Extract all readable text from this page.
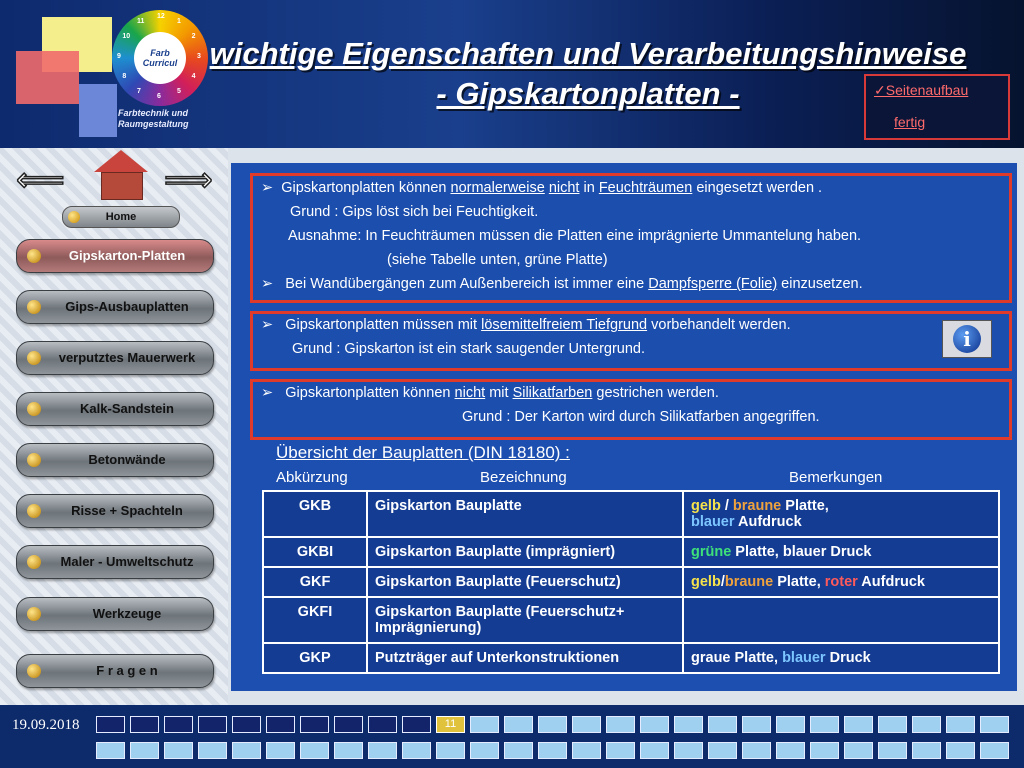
Farb
Curricul
12
1
2
3
4
5
6
7
8
9
10
11
Farbtechnik und
Raumgestaltung
wichtige Eigenschaften und Verarbeitungshinweise
- Gipskartonplatten -	✓Seitenaufbau
fertig
⟸	⟹
Home
Gipskarton-Platten
Gips-Ausbauplatten
verputztes Mauerwerk
Kalk-Sandstein
Betonwände
Risse + Spachteln
Maler - Umweltschutz
Werkzeuge
F r a g e n

➢ Gipskartonplatten können normalerweise nicht in Feuchträumen eingesetzt werden .

Grund : Gips löst sich bei Feuchtigkeit.

Ausnahme: In Feuchträumen müssen die Platten eine imprägnierte Ummantelung haben.

(siehe Tabelle unten, grüne Platte)

➢ Bei Wandübergängen zum Außenbereich ist immer eine Dampfsperre (Folie) einzusetzen.

➢ Gipskartonplatten müssen mit lösemittelfreiem Tiefgrund vorbehandelt werden.

Grund : Gipskarton ist ein stark saugender Untergrund.	i

➢ Gipskartonplatten können nicht mit Silikatfarben gestrichen werden.

Grund : Der Karton wird durch Silikatfarben angegriffen.

Übersicht der Bauplatten (DIN 18180) :
Abkürzung	Bezeichnung	Bemerkungen
GKB	Gipskarton Bauplatte	gelb / braune Platte,
blauer Aufdruck
GKBI	Gipskarton Bauplatte (imprägniert)	grüne Platte, blauer Druck
GKF	Gipskarton Bauplatte (Feuerschutz)	gelb/braune Platte, roter Aufdruck
GKFI	Gipskarton Bauplatte (Feuerschutz+ Imprägnierung)	
GKP	Putzträger auf Unterkonstruktionen	graue Platte, blauer Druck
19.09.2018	11
